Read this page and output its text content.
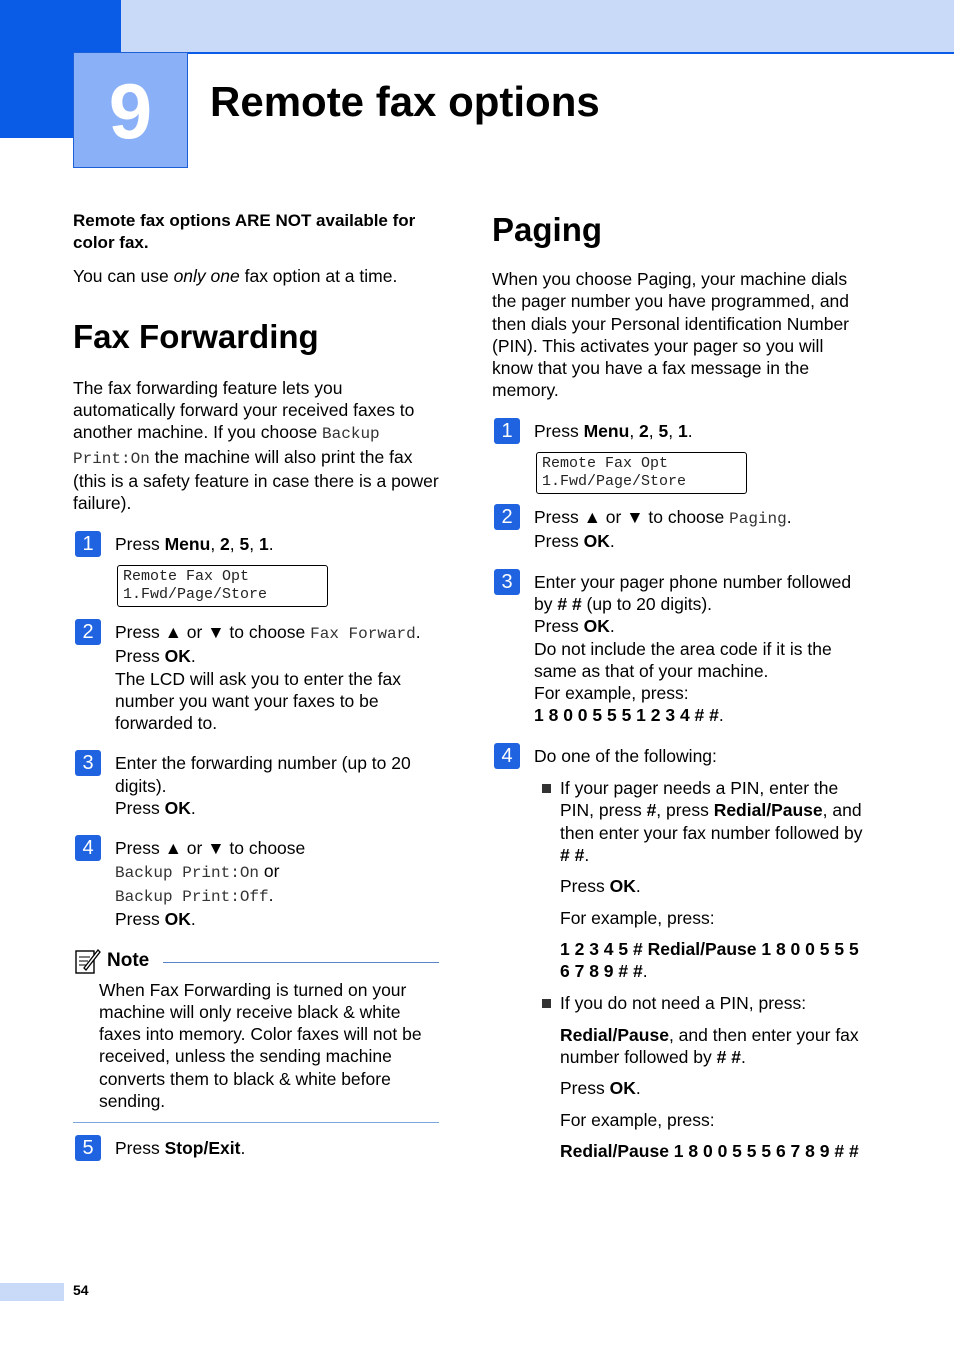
9	Remote fax options

Remote fax options ARE NOT available for color fax.

You can use only one fax option at a time.

Fax Forwarding

The fax forwarding feature lets you automatically forward your received faxes to another machine. If you choose Backup Print:On the machine will also print the fax (this is a safety feature in case there is a power failure).

1	Press Menu, 2, 5, 1.

Remote Fax Opt
1.Fwd/Page/Store
2	Press ▲ or ▼ to choose Fax Forward.
Press OK.
The LCD will ask you to enter the fax number you want your faxes to be forwarded to.

3	Enter the forwarding number (up to 20 digits).
Press OK.

4	Press ▲ or ▼ to choose
Backup Print:On or
Backup Print:Off.
Press OK.

Note

When Fax Forwarding is turned on your machine will only receive black & white faxes into memory. Color faxes will not be received, unless the sending machine converts them to black & white before sending.

5	Press Stop/Exit.

Paging

When you choose Paging, your machine dials the pager number you have programmed, and then dials your Personal identification Number (PIN). This activates your pager so you will know that you have a fax message in the memory.

1	Press Menu, 2, 5, 1.

Remote Fax Opt
1.Fwd/Page/Store
2	Press ▲ or ▼ to choose Paging.
Press OK.

3	Enter your pager phone number followed by # # (up to 20 digits).
Press OK.
Do not include the area code if it is the same as that of your machine.
For example, press:
1 8 0 0 5 5 5 1 2 3 4 # #.

4	Do one of the following:

If your pager needs a PIN, enter the PIN, press #, press Redial/Pause, and then enter your fax number followed by # #.

Press OK.

For example, press:

1 2 3 4 5 # Redial/Pause 1 8 0 0 5 5 5 6 7 8 9 # #.

If you do not need a PIN, press:

Redial/Pause, and then enter your fax number followed by # #.

Press OK.

For example, press:

Redial/Pause 1 8 0 0 5 5 5 6 7 8 9 # #

54
